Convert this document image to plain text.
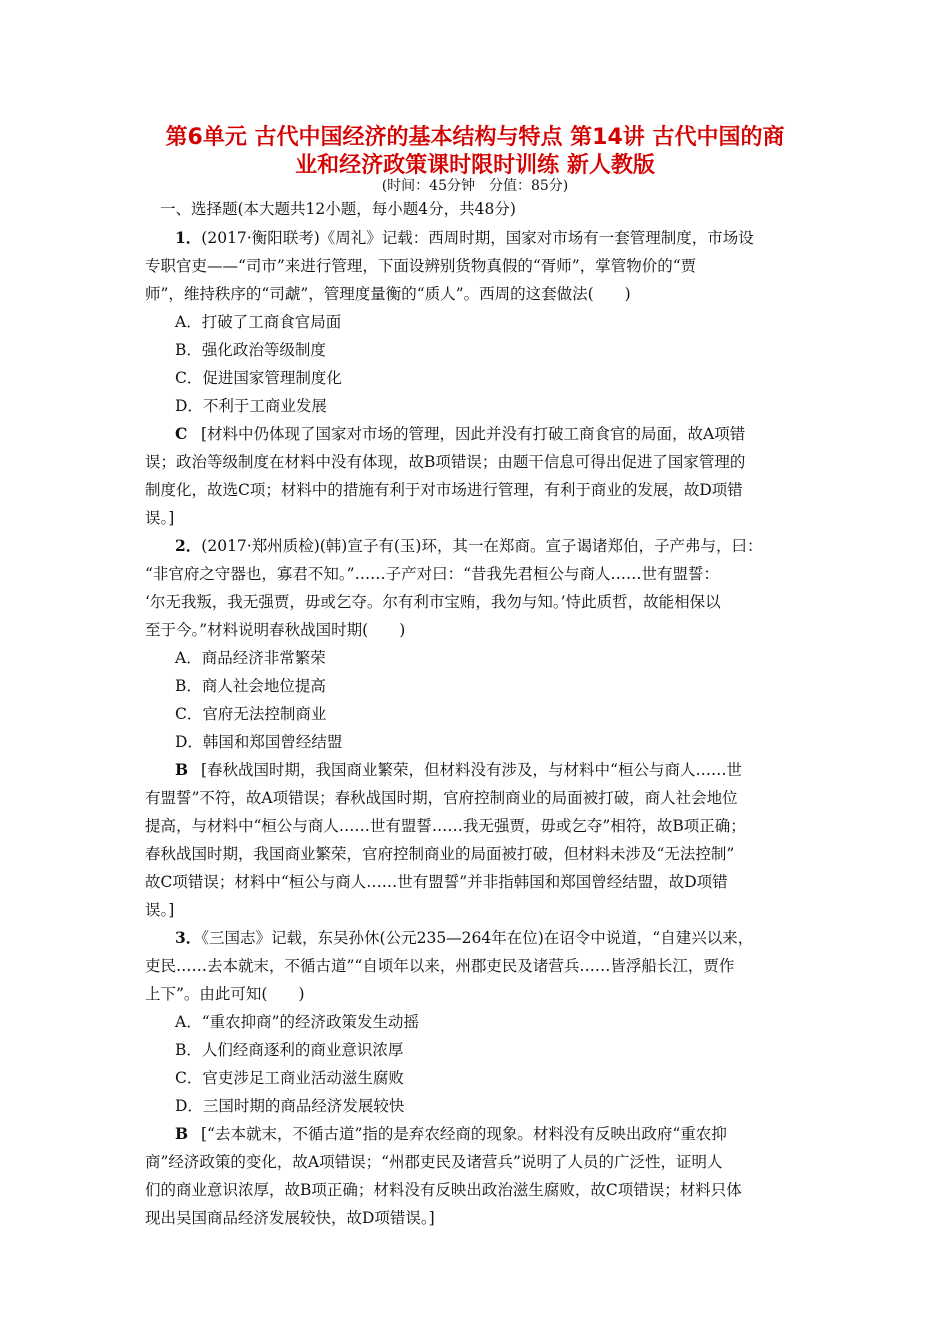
第6单元 古代中国经济的基本结构与特点 第14讲 古代中国的商
业和经济政策课时限时训练 新人教版
(时间：45分钟　分值：85分)
一、选择题(本大题共12小题，每小题4分，共48分)
1．(2017·衡阳联考)《周礼》记载：西周时期，国家对市场有一套管理制度，市场设
专职官吏——“司市”来进行管理，下面设辨别货物真假的“胥师”，掌管物价的“贾
师”，维持秩序的“司虣”，管理度量衡的“质人”。西周的这套做法(　　)
A．打破了工商食官局面
B．强化政治等级制度
C．促进国家管理制度化
D．不利于工商业发展
C [材料中仍体现了国家对市场的管理，因此并没有打破工商食官的局面，故A项错
误；政治等级制度在材料中没有体现，故B项错误；由题干信息可得出促进了国家管理的
制度化，故选C项；材料中的措施有利于对市场进行管理，有利于商业的发展，故D项错
误。]
2．(2017·郑州质检)(韩)宣子有(玉)环，其一在郑商。宣子谒诸郑伯，子产弗与，曰：
“非官府之守器也，寡君不知。”……子产对曰：“昔我先君桓公与商人……世有盟誓：
‘尔无我叛，我无强贾，毋或乞夺。尔有利市宝贿，我勿与知。’恃此质哲，故能相保以
至于今。”材料说明春秋战国时期(　　)
A．商品经济非常繁荣
B．商人社会地位提高
C．官府无法控制商业
D．韩国和郑国曾经结盟
B [春秋战国时期，我国商业繁荣，但材料没有涉及，与材料中“桓公与商人……世
有盟誓”不符，故A项错误；春秋战国时期，官府控制商业的局面被打破，商人社会地位
提高，与材料中“桓公与商人……世有盟誓……我无强贾，毋或乞夺”相符，故B项正确；
春秋战国时期，我国商业繁荣，官府控制商业的局面被打破，但材料未涉及“无法控制”
故C项错误；材料中“桓公与商人……世有盟誓”并非指韩国和郑国曾经结盟，故D项错
误。]
3．《三国志》记载，东吴孙休(公元235—264年在位)在诏令中说道，“自建兴以来，
吏民……去本就末，不循古道”“自顷年以来，州郡吏民及诸营兵……皆浮船长江，贾作
上下”。由此可知(　　)
A．“重农抑商”的经济政策发生动摇
B．人们经商逐利的商业意识浓厚
C．官吏涉足工商业活动滋生腐败
D．三国时期的商品经济发展较快
B [“去本就末，不循古道”指的是弃农经商的现象。材料没有反映出政府“重农抑
商”经济政策的变化，故A项错误；“州郡吏民及诸营兵”说明了人员的广泛性，证明人
们的商业意识浓厚，故B项正确；材料没有反映出政治滋生腐败，故C项错误；材料只体
现出吴国商品经济发展较快，故D项错误。]
